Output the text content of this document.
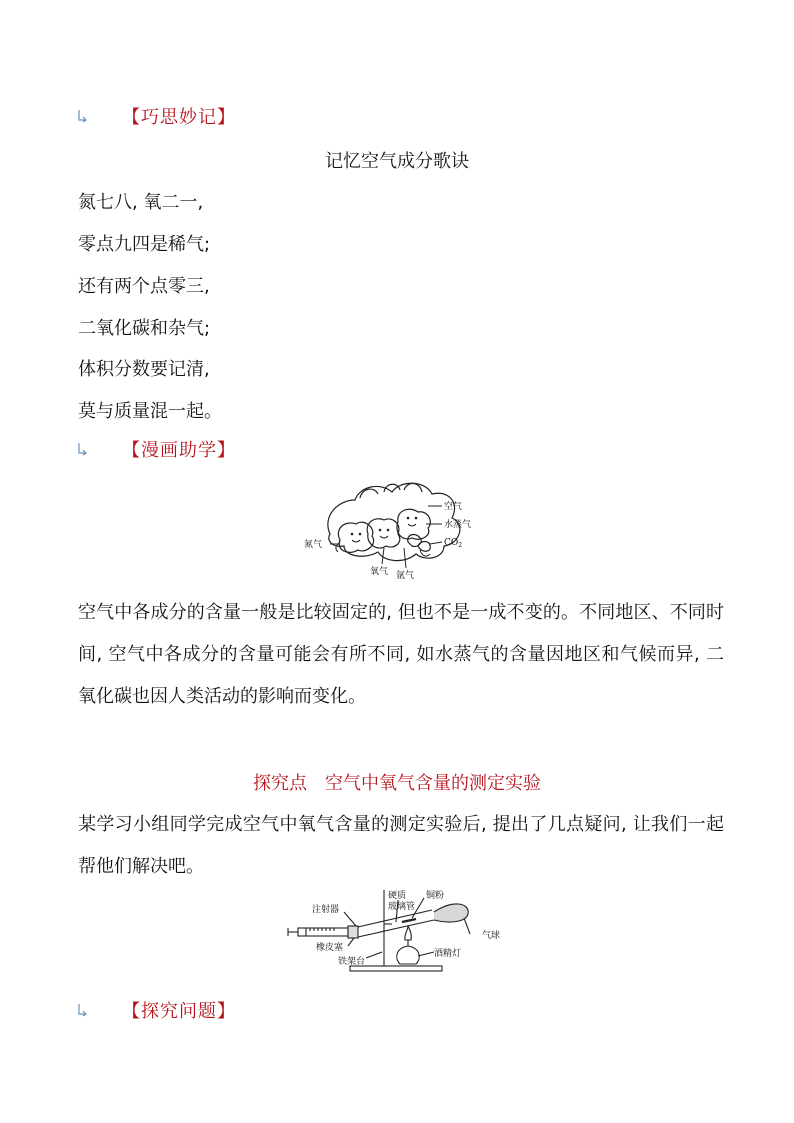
【巧思妙记】
记忆空气成分歌诀
氮七八, 氧二一,
零点九四是稀气;
还有两个点零三,
二氧化碳和杂气;
体积分数要记清,
莫与质量混一起。
【漫画助学】
空气
水蒸气
$CO_2$
氮气
氧气 氩气
空气中各成分的含量一般是比较固定的, 但也不是一成不变的。不同地区、不同时间, 空气中各成分的含量可能会有所不同, 如水蒸气的含量因地区和气候而异, 二氧化碳也因人类活动的影响而变化。
探究点　空气中氧气含量的测定实验
某学习小组同学完成空气中氧气含量的测定实验后, 提出了几点疑问, 让我们一起帮他们解决吧。
注射器
硬质
玻璃管
铜粉
气球
橡皮塞
铁架台
酒精灯
【探究问题】
